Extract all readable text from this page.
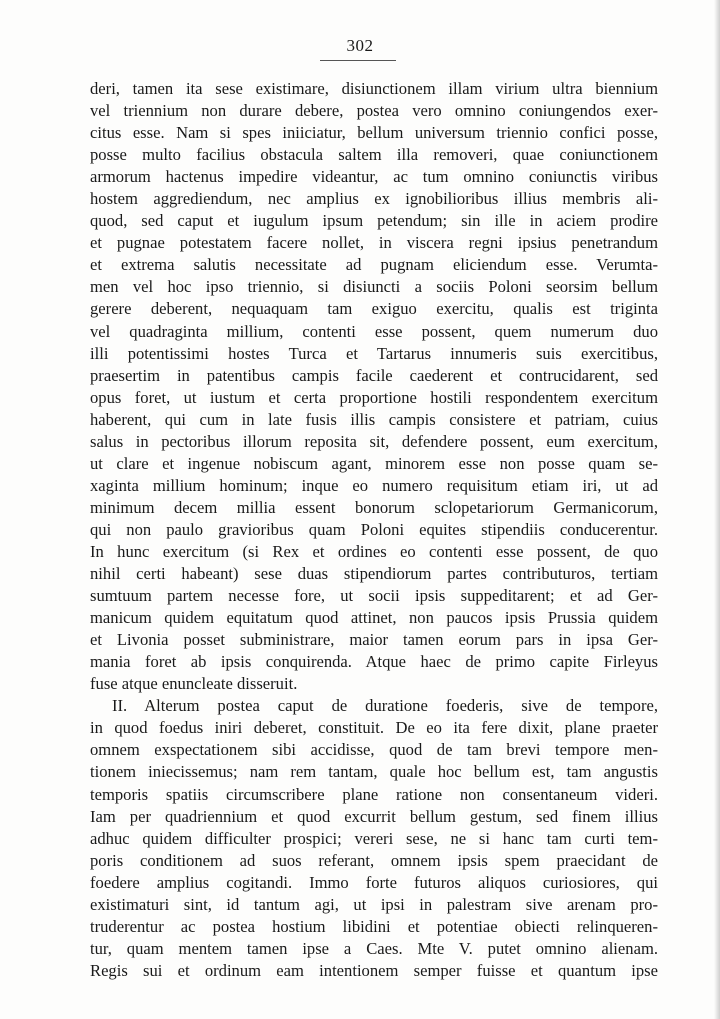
302
deri, tamen ita sese existimare, disiunctionem illam virium ultra biennium
vel triennium non durare debere, postea vero omnino coniungendos exer-
citus esse. Nam si spes iniiciatur, bellum universum triennio confici posse,
posse multo facilius obstacula saltem illa removeri, quae coniunctionem
armorum hactenus impedire videantur, ac tum omnino coniunctis viribus
hostem aggrediendum, nec amplius ex ignobilioribus illius membris ali-
quod, sed caput et iugulum ipsum petendum; sin ille in aciem prodire
et pugnae potestatem facere nollet, in viscera regni ipsius penetrandum
et extrema salutis necessitate ad pugnam eliciendum esse. Verumta-
men vel hoc ipso triennio, si disiuncti a sociis Poloni seorsim bellum
gerere deberent, nequaquam tam exiguo exercitu, qualis est triginta
vel quadraginta millium, contenti esse possent, quem numerum duo
illi potentissimi hostes Turca et Tartarus innumeris suis exercitibus,
praesertim in patentibus campis facile caederent et contrucidarent, sed
opus foret, ut iustum et certa proportione hostili respondentem exercitum
haberent, qui cum in late fusis illis campis consistere et patriam, cuius
salus in pectoribus illorum reposita sit, defendere possent, eum exercitum,
ut clare et ingenue nobiscum agant, minorem esse non posse quam se-
xaginta millium hominum; inque eo numero requisitum etiam iri, ut ad
minimum decem millia essent bonorum sclopetariorum Germanicorum,
qui non paulo gravioribus quam Poloni equites stipendiis conducerentur.
In hunc exercitum (si Rex et ordines eo contenti esse possent, de quo
nihil certi habeant) sese duas stipendiorum partes contributuros, tertiam
sumtuum partem necesse fore, ut socii ipsis suppeditarent; et ad Ger-
manicum quidem equitatum quod attinet, non paucos ipsis Prussia quidem
et Livonia posset subministrare, maior tamen eorum pars in ipsa Ger-
mania foret ab ipsis conquirenda. Atque haec de primo capite Firleyus
fuse atque enuncleate disseruit.
II. Alterum postea caput de duratione foederis, sive de tempore,
in quod foedus iniri deberet, constituit. De eo ita fere dixit, plane praeter
omnem exspectationem sibi accidisse, quod de tam brevi tempore men-
tionem iniecissemus; nam rem tantam, quale hoc bellum est, tam angustis
temporis spatiis circumscribere plane ratione non consentaneum videri.
Iam per quadriennium et quod excurrit bellum gestum, sed finem illius
adhuc quidem difficulter prospici; vereri sese, ne si hanc tam curti tem-
poris conditionem ad suos referant, omnem ipsis spem praecidant de
foedere amplius cogitandi. Immo forte futuros aliquos curiosiores, qui
existimaturi sint, id tantum agi, ut ipsi in palestram sive arenam pro-
truderentur ac postea hostium libidini et potentiae obiecti relinqueren-
tur, quam mentem tamen ipse a Caes. Mte V. putet omnino alienam.
Regis sui et ordinum eam intentionem semper fuisse et quantum ipse
